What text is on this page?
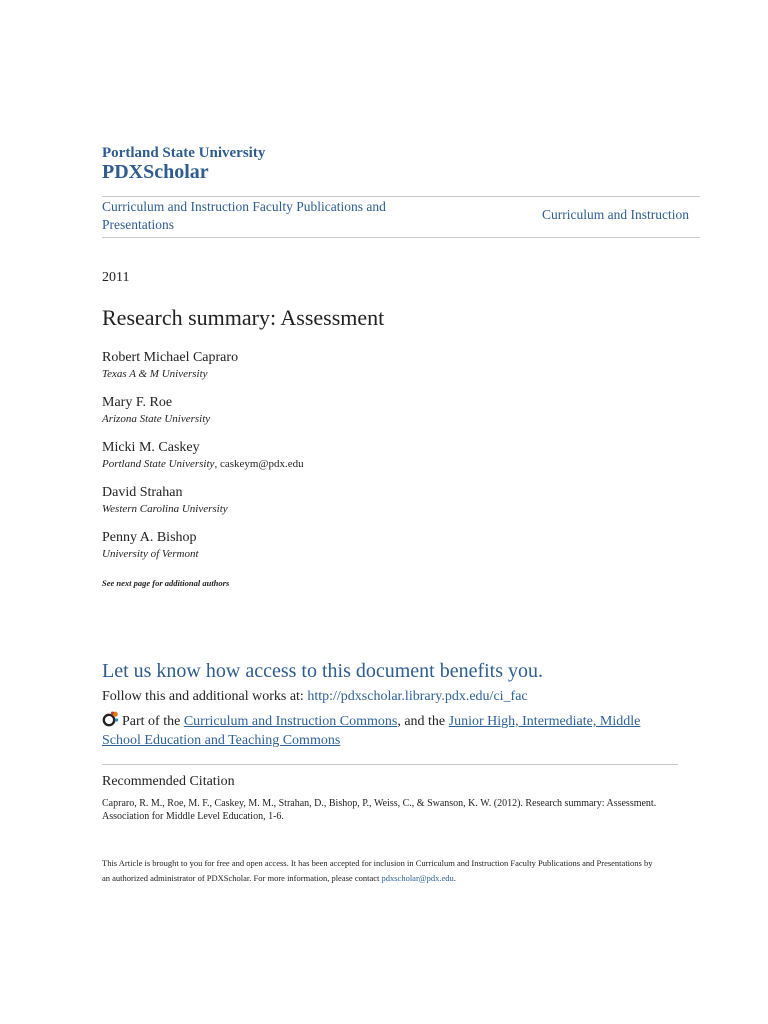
Portland State University
PDXScholar
Curriculum and Instruction Faculty Publications and Presentations
Curriculum and Instruction
2011
Research summary: Assessment
Robert Michael Capraro
Texas A & M University
Mary F. Roe
Arizona State University
Micki M. Caskey
Portland State University, caskeym@pdx.edu
David Strahan
Western Carolina University
Penny A. Bishop
University of Vermont
See next page for additional authors
Let us know how access to this document benefits you.
Follow this and additional works at: http://pdxscholar.library.pdx.edu/ci_fac
Part of the Curriculum and Instruction Commons, and the Junior High, Intermediate, Middle School Education and Teaching Commons
Recommended Citation
Capraro, R. M., Roe, M. F., Caskey, M. M., Strahan, D., Bishop, P., Weiss, C., & Swanson, K. W. (2012). Research summary: Assessment. Association for Middle Level Education, 1-6.
This Article is brought to you for free and open access. It has been accepted for inclusion in Curriculum and Instruction Faculty Publications and Presentations by an authorized administrator of PDXScholar. For more information, please contact pdxscholar@pdx.edu.
